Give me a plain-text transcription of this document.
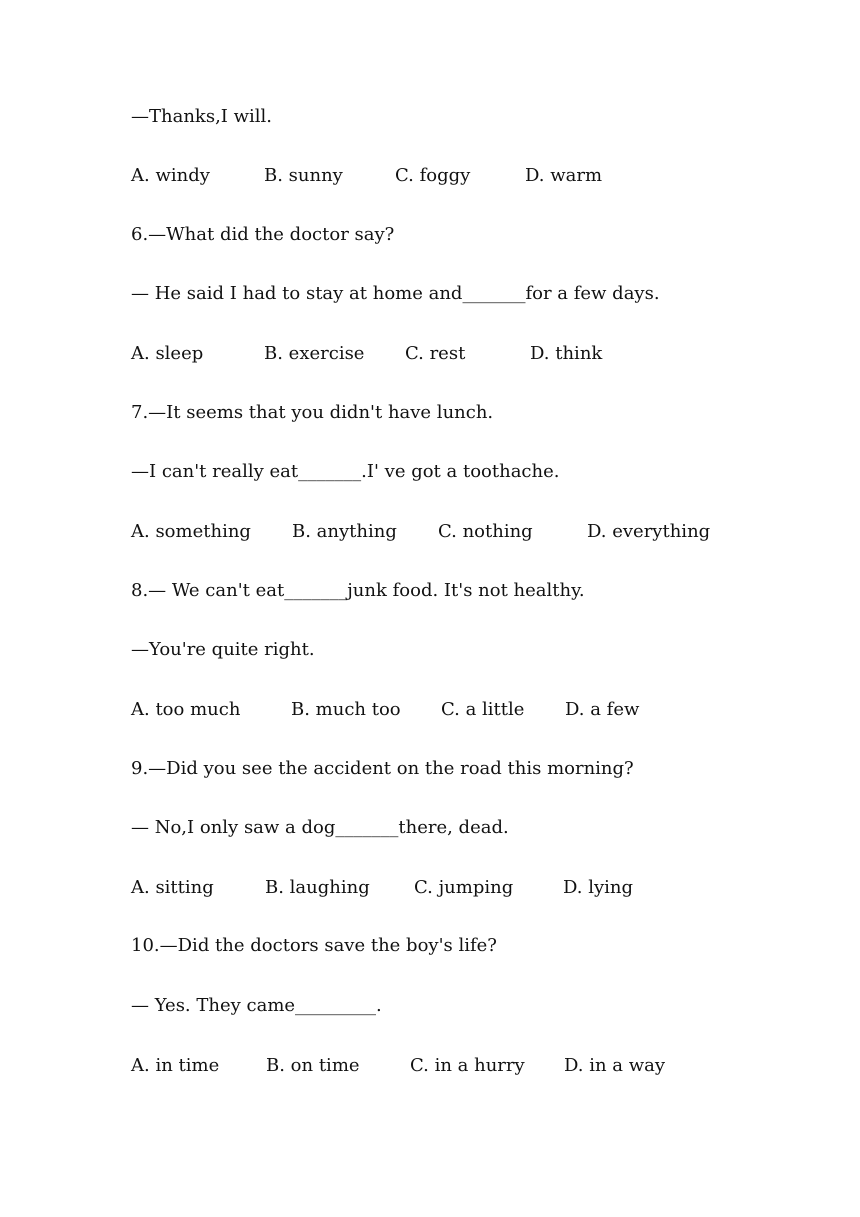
—Thanks,I will.
A. windy	B. sunny	C. foggy	D. warm
6.—What did the doctor say?
— He said I had to stay at home and_______for a few days.
A. sleep	B. exercise C. rest	D. think
7.—It seems that you didn't have lunch.
—I can't really eat_______.I' ve got a toothache.
A. something B. anything C. nothing	D. everything
8.— We can't eat_______junk food. It's not healthy.
—You're quite right.
A. too much	B. much too C. a little D. a few
9.—Did you see the accident on the road this morning?
— No,I only saw a dog_______there, dead.
A. sitting	B. laughing C. jumping	D. lying
10.—Did the doctors save the boy's life?
— Yes. They came_________.
A. in time	B. on time	C. in a hurry D. in a way
